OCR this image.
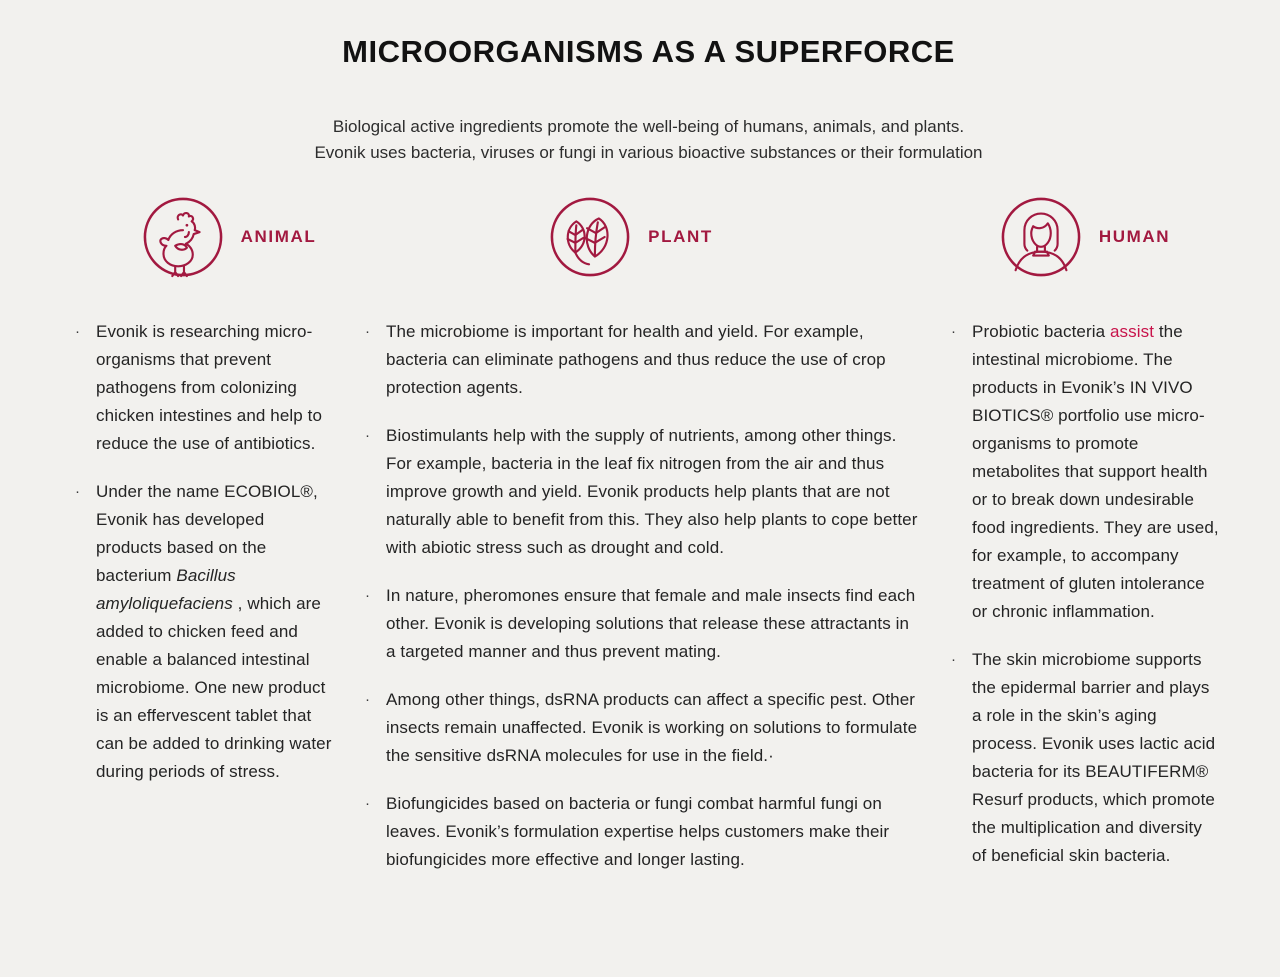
MICROORGANISMS AS A SUPERFORCE
Biological active ingredients promote the well-being of humans, animals, and plants.
Evonik uses bacteria, viruses or fungi in various bioactive substances or their formulation
ANIMAL
· Evonik is researching microorganisms that prevent pathogens from colonizing chicken intestines and help to reduce the use of antibiotics.
· Under the name ECOBIOL®, Evonik has developed products based on the bacterium Bacillus amyloliquefaciens , which are added to chicken feed and enable a balanced intestinal microbiome. One new product is an effervescent tablet that can be added to drinking water during periods of stress.
PLANT
· The microbiome is important for health and yield. For example, bacteria can eliminate pathogens and thus reduce the use of crop protection agents.
· Biostimulants help with the supply of nutrients, among other things. For example, bacteria in the leaf fix nitrogen from the air and thus improve growth and yield. Evonik products help plants that are not naturally able to benefit from this. They also help plants to cope better with abiotic stress such as drought and cold.
· In nature, pheromones ensure that female and male insects find each other. Evonik is developing solutions that release these attractants in a targeted manner and thus prevent mating.
· Among other things, dsRNA products can affect a specific pest. Other insects remain unaffected. Evonik is working on solutions to formulate the sensitive dsRNA molecules for use in the field.·
· Biofungicides based on bacteria or fungi combat harmful fungi on leaves. Evonik’s formulation expertise helps customers make their biofungicides more effective and longer lasting.
HUMAN
· Probiotic bacteria assist the intestinal microbiome. The products in Evonik’s IN VIVO BIOTICS® portfolio use microorganisms to promote metabolites that support health or to break down undesirable food ingredients. They are used, for example, to accompany treatment of gluten intolerance or chronic inflammation.
· The skin microbiome supports the epidermal barrier and plays a role in the skin’s aging process. Evonik uses lactic acid bacteria for its BEAUTIFERM® Resurf products, which promote the multiplication and diversity of beneficial skin bacteria.
